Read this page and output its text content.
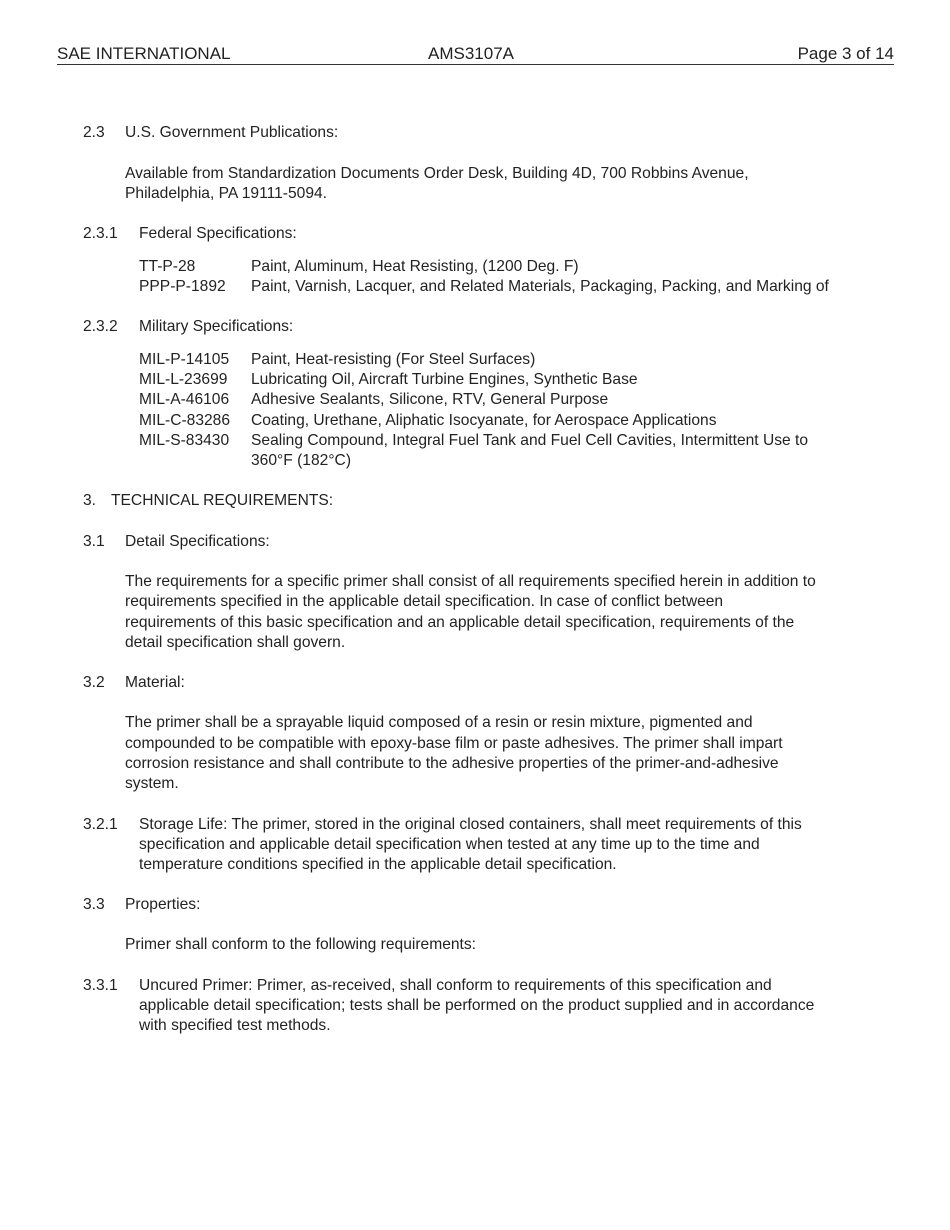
SAE INTERNATIONAL	AMS3107A	Page 3 of 14
2.3 U.S. Government Publications:
Available from Standardization Documents Order Desk, Building 4D, 700 Robbins Avenue,
Philadelphia, PA 19111-5094.
2.3.1 Federal Specifications:
TT-P-28	Paint, Aluminum, Heat Resisting, (1200 Deg. F)
PPP-P-1892 Paint, Varnish, Lacquer, and Related Materials, Packaging, Packing, and Marking of
2.3.2 Military Specifications:
MIL-P-14105 Paint, Heat-resisting (For Steel Surfaces)
MIL-L-23699 Lubricating Oil, Aircraft Turbine Engines, Synthetic Base
MIL-A-46106 Adhesive Sealants, Silicone, RTV, General Purpose
MIL-C-83286 Coating, Urethane, Aliphatic Isocyanate, for Aerospace Applications
MIL-S-83430 Sealing Compound, Integral Fuel Tank and Fuel Cell Cavities, Intermittent Use to
360°F (182°C)
3. TECHNICAL REQUIREMENTS:
3.1 Detail Specifications:
The requirements for a specific primer shall consist of all requirements specified herein in addition to
requirements specified in the applicable detail specification. In case of conflict between
requirements of this basic specification and an applicable detail specification, requirements of the
detail specification shall govern.
3.2 Material:
The primer shall be a sprayable liquid composed of a resin or resin mixture, pigmented and
compounded to be compatible with epoxy-base film or paste adhesives. The primer shall impart
corrosion resistance and shall contribute to the adhesive properties of the primer-and-adhesive
system.
3.2.1 Storage Life: The primer, stored in the original closed containers, shall meet requirements of this
specification and applicable detail specification when tested at any time up to the time and
temperature conditions specified in the applicable detail specification.
3.3 Properties:
Primer shall conform to the following requirements:
3.3.1 Uncured Primer: Primer, as-received, shall conform to requirements of this specification and
applicable detail specification; tests shall be performed on the product supplied and in accordance
with specified test methods.
